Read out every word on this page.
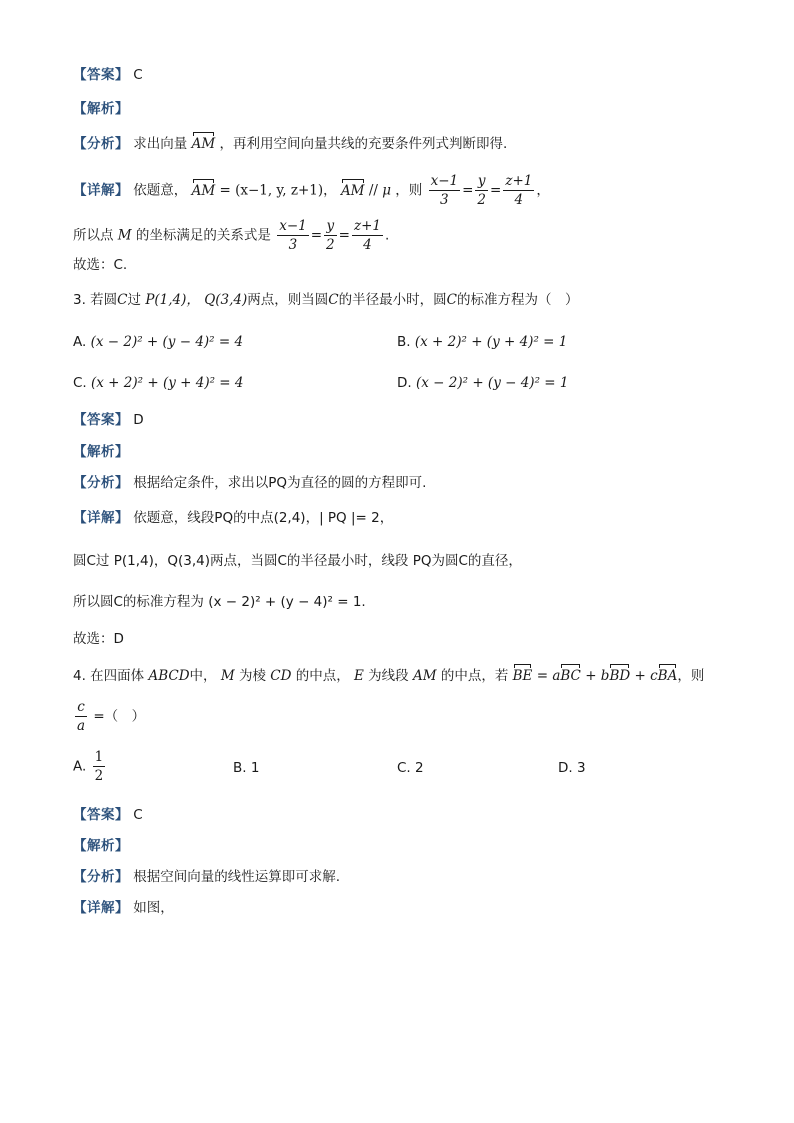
【答案】 C
【解析】
【分析】 求出向量 AM ，再利用空间向量共线的充要条件列式判断即得.
【详解】 依题意， AM = (x−1, y, z+1)， AM // μ ，则 $\frac{x-1}{3} = \frac{y}{2} = \frac{z+1}{4}$ ，
所以点 M 的坐标满足的关系式是 $\frac{x-1}{3} = \frac{y}{2} = \frac{z+1}{4}$ .
故选：C.
3. 若圆C过 P(1,4)， Q(3,4)两点，则当圆C的半径最小时，圆C的标准方程为（　）
A. (x − 2)² + (y − 4)² = 4	B. (x + 2)² + (y + 4)² = 1
C. (x + 2)² + (y + 4)² = 4	D. (x − 2)² + (y − 4)² = 1
【答案】 D
【解析】
【分析】 根据给定条件，求出以PQ为直径的圆的方程即可.
【详解】 依题意，线段PQ的中点(2,4)，| PQ |= 2，
圆C过 P(1,4)，Q(3,4)两点，当圆C的半径最小时，线段 PQ为圆C的直径，
所以圆C的标准方程为 (x − 2)² + (y − 4)² = 1.
故选：D
4. 在四面体 ABCD中， M 为棱 CD 的中点， E 为线段 AM 的中点，若 BE = aBC + bBD + cBA，则
$\frac{c}{a}$ =（　）
A. $\frac{1}{2}$	B. 1	C. 2	D. 3
【答案】 C
【解析】
【分析】 根据空间向量的线性运算即可求解.
【详解】 如图，
